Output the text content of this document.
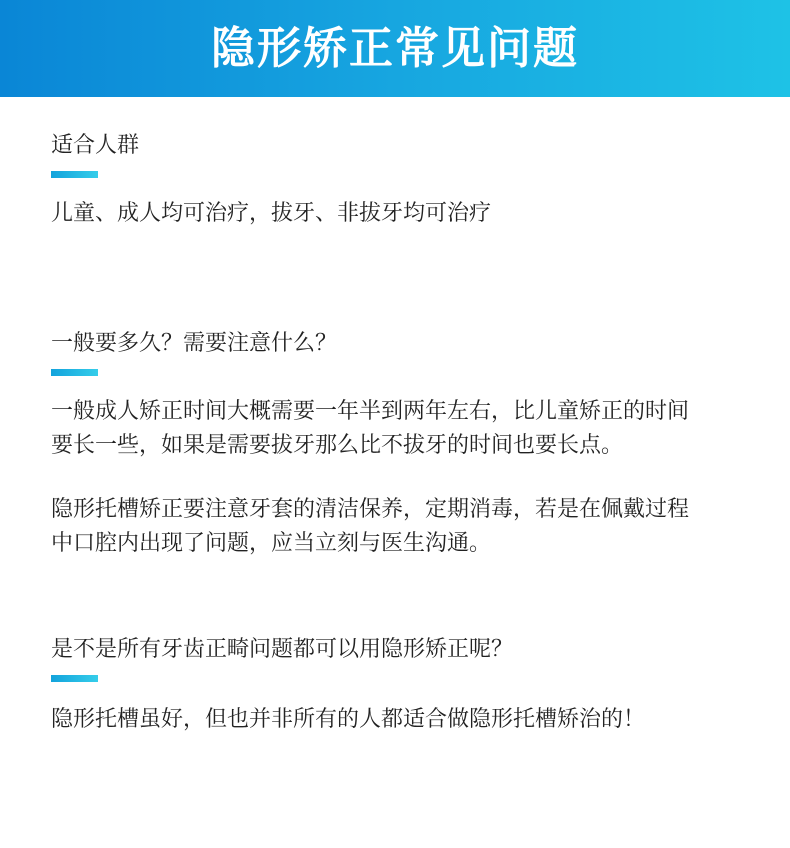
隐形矫正常见问题
适合人群
儿童、成人均可治疗，拔牙、非拔牙均可治疗
一般要多久？需要注意什么？
一般成人矫正时间大概需要一年半到两年左右，比儿童矫正的时间
要长一些，如果是需要拔牙那么比不拔牙的时间也要长点。
隐形托槽矫正要注意牙套的清洁保养，定期消毒，若是在佩戴过程
中口腔内出现了问题，应当立刻与医生沟通。
是不是所有牙齿正畸问题都可以用隐形矫正呢？
隐形托槽虽好，但也并非所有的人都适合做隐形托槽矫治的！
